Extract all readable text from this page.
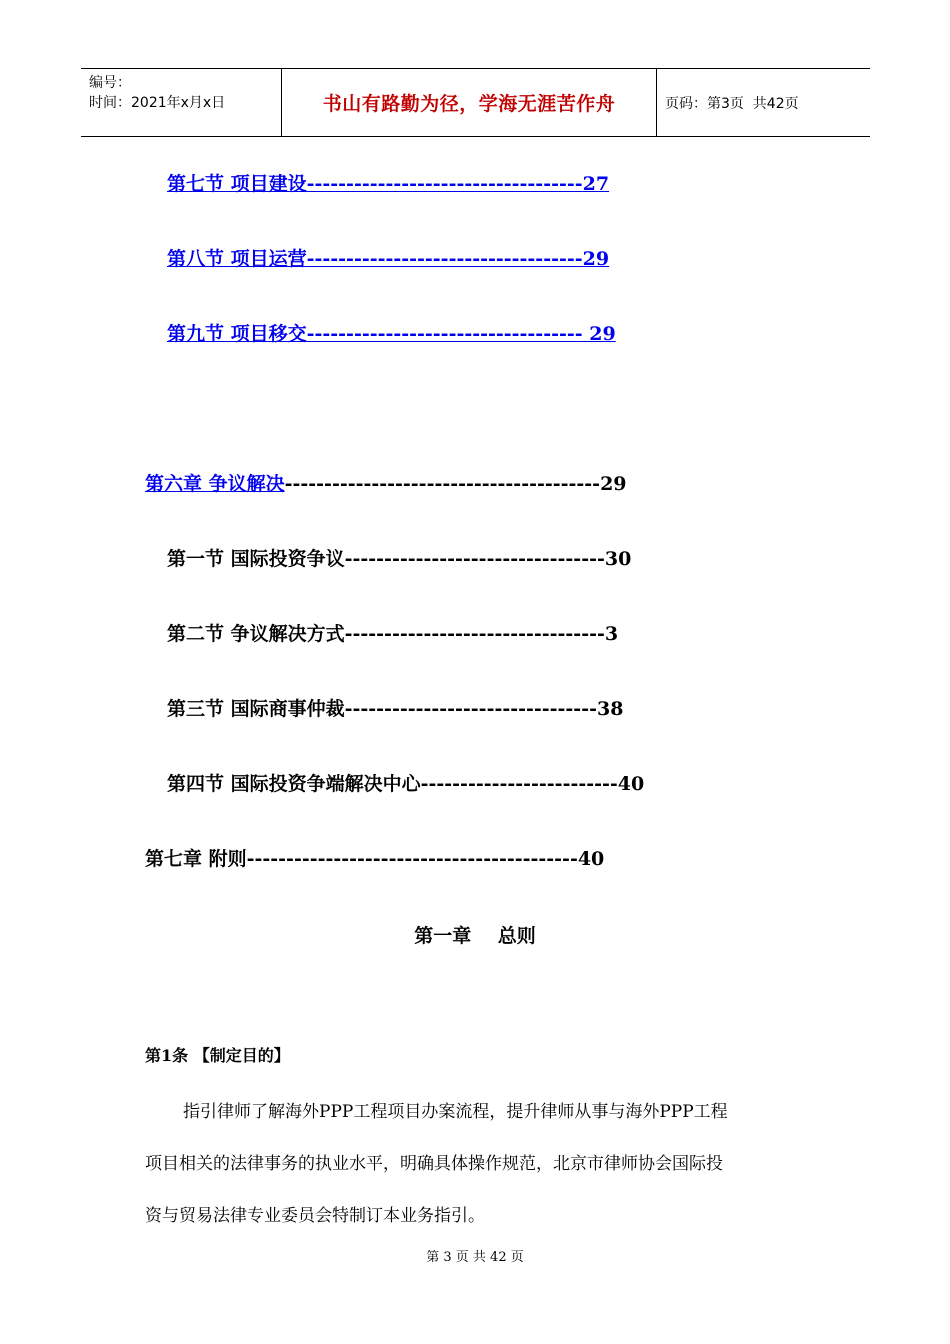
编号：
时间：2021年x月x日	书山有路勤为径，学海无涯苦作舟	页码：第3页  共42页
第七节 项目建设-----------------------------------27
第八节 项目运营-----------------------------------29
第九节 项目移交----------------------------------- 29
第六章 争议解决----------------------------------------29
第一节 国际投资争议---------------------------------30
第二节 争议解决方式---------------------------------3
第三节 国际商事仲裁--------------------------------38
第四节 国际投资争端解决中心-------------------------40
第七章 附则------------------------------------------40
第一章    总则
第1条 【制定目的】
指引律师了解海外PPP工程项目办案流程，提升律师从事与海外PPP工程
项目相关的法律事务的执业水平，明确具体操作规范，北京市律师协会国际投
资与贸易法律专业委员会特制订本业务指引。
第 3 页 共 42 页
